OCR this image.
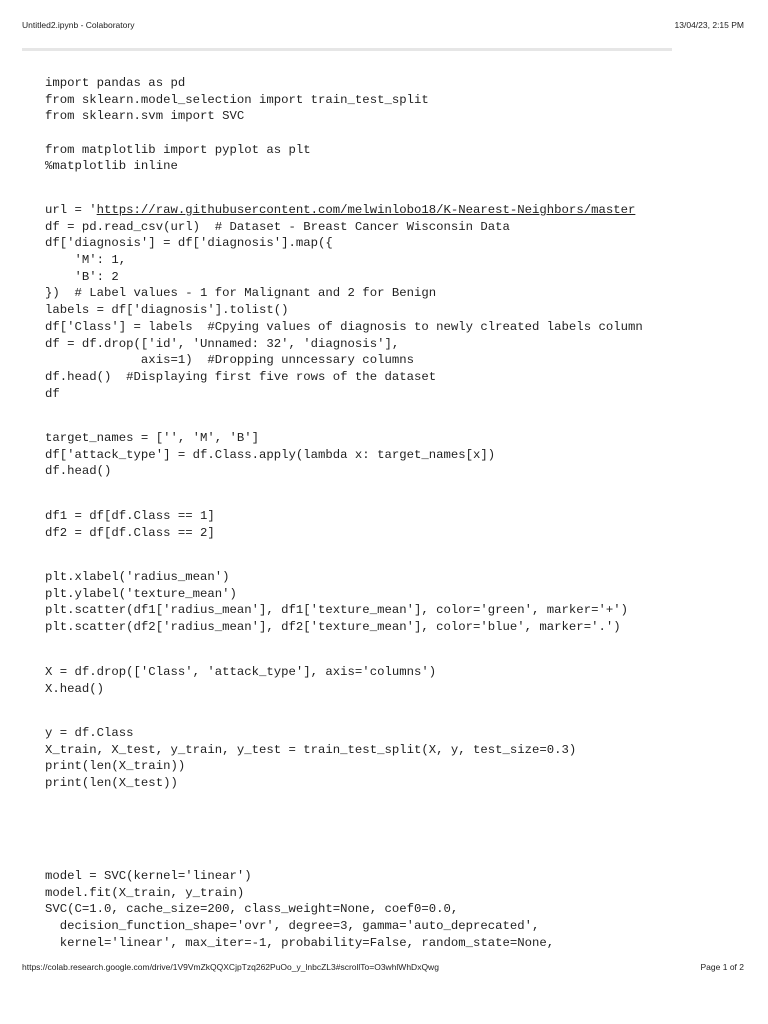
Untitled2.ipynb - Colaboratory	13/04/23, 2:15 PM
import pandas as pd
from sklearn.model_selection import train_test_split
from sklearn.svm import SVC
from matplotlib import pyplot as plt
%matplotlib inline
url = 'https://raw.githubusercontent.com/melwinlobo18/K-Nearest-Neighbors/master
df = pd.read_csv(url)  # Dataset - Breast Cancer Wisconsin Data
df['diagnosis'] = df['diagnosis'].map({
'M': 1,
'B': 2
})  # Label values - 1 for Malignant and 2 for Benign
labels = df['diagnosis'].tolist()
df['Class'] = labels  #Cpying values of diagnosis to newly clreated labels column
df = df.drop(['id', 'Unnamed: 32', 'diagnosis'],
axis=1)  #Dropping unncessary columns
df.head()  #Displaying first five rows of the dataset
df
target_names = ['', 'M', 'B']
df['attack_type'] = df.Class.apply(lambda x: target_names[x])
df.head()
df1 = df[df.Class == 1]
df2 = df[df.Class == 2]
plt.xlabel('radius_mean')
plt.ylabel('texture_mean')
plt.scatter(df1['radius_mean'], df1['texture_mean'], color='green', marker='+')
plt.scatter(df2['radius_mean'], df2['texture_mean'], color='blue', marker='.')
X = df.drop(['Class', 'attack_type'], axis='columns')
X.head()
y = df.Class
X_train, X_test, y_train, y_test = train_test_split(X, y, test_size=0.3)
print(len(X_train))
print(len(X_test))
model = SVC(kernel='linear')
model.fit(X_train, y_train)
SVC(C=1.0, cache_size=200, class_weight=None, coef0=0.0,
decision_function_shape='ovr', degree=3, gamma='auto_deprecated',
kernel='linear', max_iter=-1, probability=False, random_state=None,
https://colab.research.google.com/drive/1V9VmZkQQXCjpTzq262PuOo_y_lnbcZL3#scrollTo=O3whlWhDxQwg	Page 1 of 2
